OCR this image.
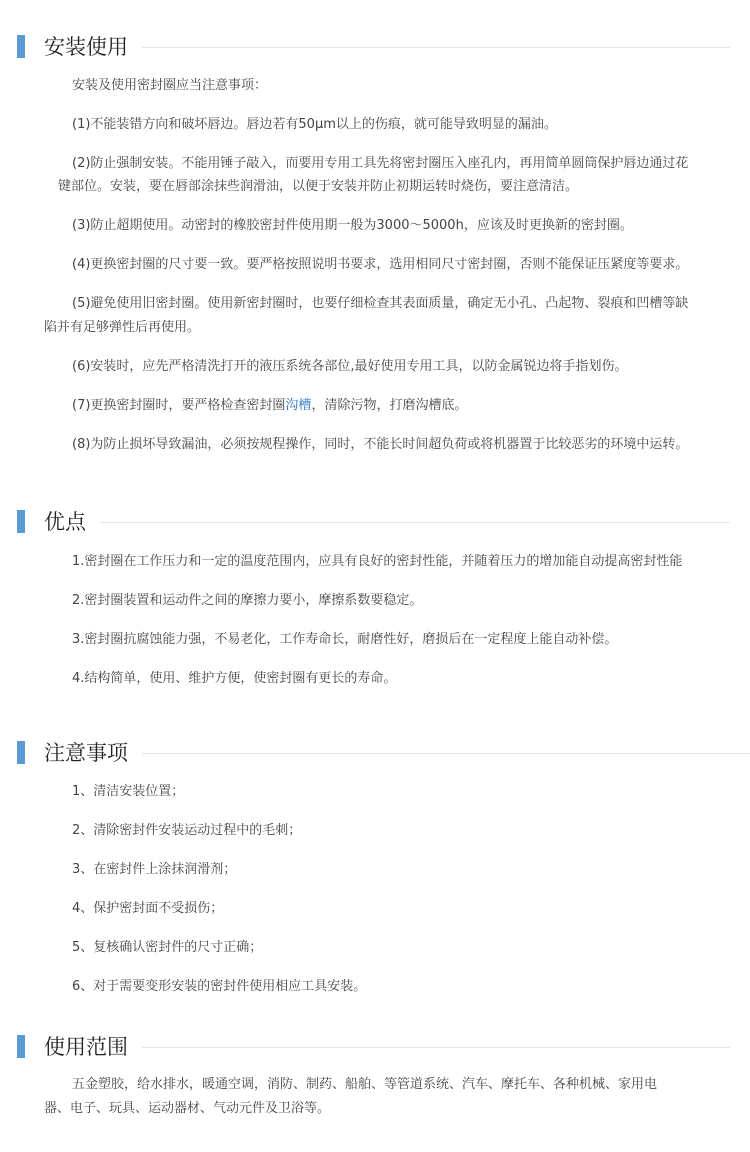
安装使用
安装及使用密封圈应当注意事项：
(1)不能装错方向和破坏唇边。唇边若有50μm以上的伤痕，就可能导致明显的漏油。
(2)防止强制安装。不能用锤子敲入，而要用专用工具先将密封圈压入座孔内，再用简单圆筒保护唇边通过花
键部位。安装，要在唇部涂抹些润滑油，以便于安装并防止初期运转时烧伤，要注意清洁。
(3)防止超期使用。动密封的橡胶密封件使用期一般为3000～5000h，应该及时更换新的密封圈。
(4)更换密封圈的尺寸要一致。要严格按照说明书要求，选用相同尺寸密封圈，否则不能保证压紧度等要求。
(5)避免使用旧密封圈。使用新密封圈时，也要仔细检查其表面质量，确定无小孔、凸起物、裂痕和凹槽等缺
陷并有足够弹性后再使用。
(6)安装时，应先严格清洗打开的液压系统各部位,最好使用专用工具，以防金属锐边将手指划伤。
(7)更换密封圈时，要严格检查密封圈沟槽，清除污物，打磨沟槽底。
(8)为防止损坏导致漏油，必须按规程操作，同时，不能长时间超负荷或将机器置于比较恶劣的环境中运转。
优点
1.密封圈在工作压力和一定的温度范围内，应具有良好的密封性能，并随着压力的增加能自动提高密封性能
2.密封圈装置和运动件之间的摩擦力要小，摩擦系数要稳定。
3.密封圈抗腐蚀能力强，不易老化，工作寿命长，耐磨性好，磨损后在一定程度上能自动补偿。
4.结构简单，使用、维护方便，使密封圈有更长的寿命。
注意事项
1、清洁安装位置；
2、清除密封件安装运动过程中的毛刺；
3、在密封件上涂抹润滑剂；
4、保护密封面不受损伤；
5、复核确认密封件的尺寸正确；
6、对于需要变形安装的密封件使用相应工具安装。
使用范围
五金塑胶，给水排水，暖通空调，消防、制药、船舶、等管道系统、汽车、摩托车、各种机械、家用电
器、电子、玩具、运动器材、气动元件及卫浴等。
